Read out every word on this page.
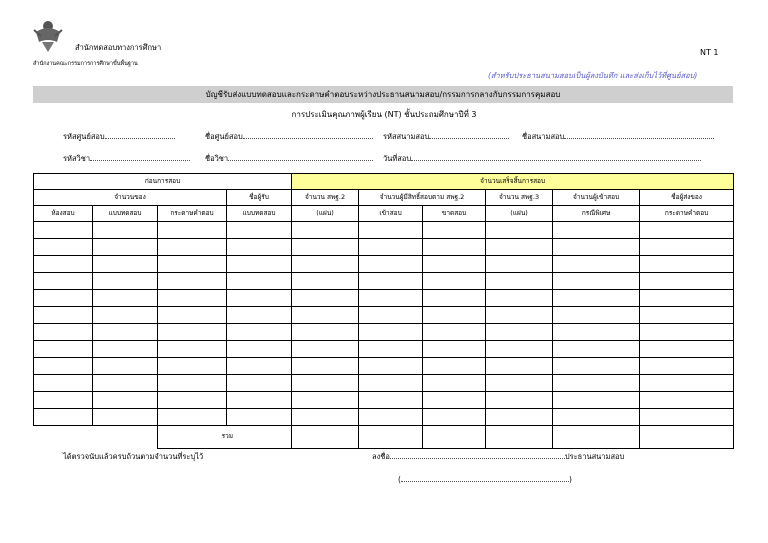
สำนักทดสอบทางการศึกษา
สำนักงานคณะกรรมการการศึกษาขั้นพื้นฐาน
NT 1
(สำหรับประธานสนามสอบเป็นผู้ลงบันทึก และส่งเก็บไว้ที่ศูนย์สอบ)
บัญชีรับส่งแบบทดสอบและกระดาษคำตอบระหว่างประธานสนามสอบ/กรรมการกลางกับกรรมการคุมสอบ
การประเมินคุณภาพผู้เรียน (NT) ชั้นประถมศึกษาปีที่ 3
รหัสศูนย์สอบ	ชื่อศูนย์สอบ	รหัสสนามสอบ	ชื่อสนามสอบ
รหัสวิชา	ชื่อวิชา	วันที่สอบ
ก่อนการสอบ				จำนวนเสร็จสิ้นการสอบ					
จำนวนของ			ชื่อผู้รับ	จำนวน สพฐ.2	จำนวนผู้มีสิทธิ์สอบตาม สพฐ.2		จำนวน สพฐ.3	จำนวนผู้เข้าสอบ	ชื่อผู้ส่งของ
ห้องสอบ	แบบทดสอบ	กระดาษคำตอบ	แบบทดสอบ	(แผ่น)	เข้าสอบ	ขาดสอบ	(แผ่น)	กรณีพิเศษ	กระดาษคำตอบ

		รวม							
ได้ตรวจนับแล้วครบถ้วนตามจำนวนที่ระบุไว้	ลงชื่อ	ประธานสนามสอบ
(	)
